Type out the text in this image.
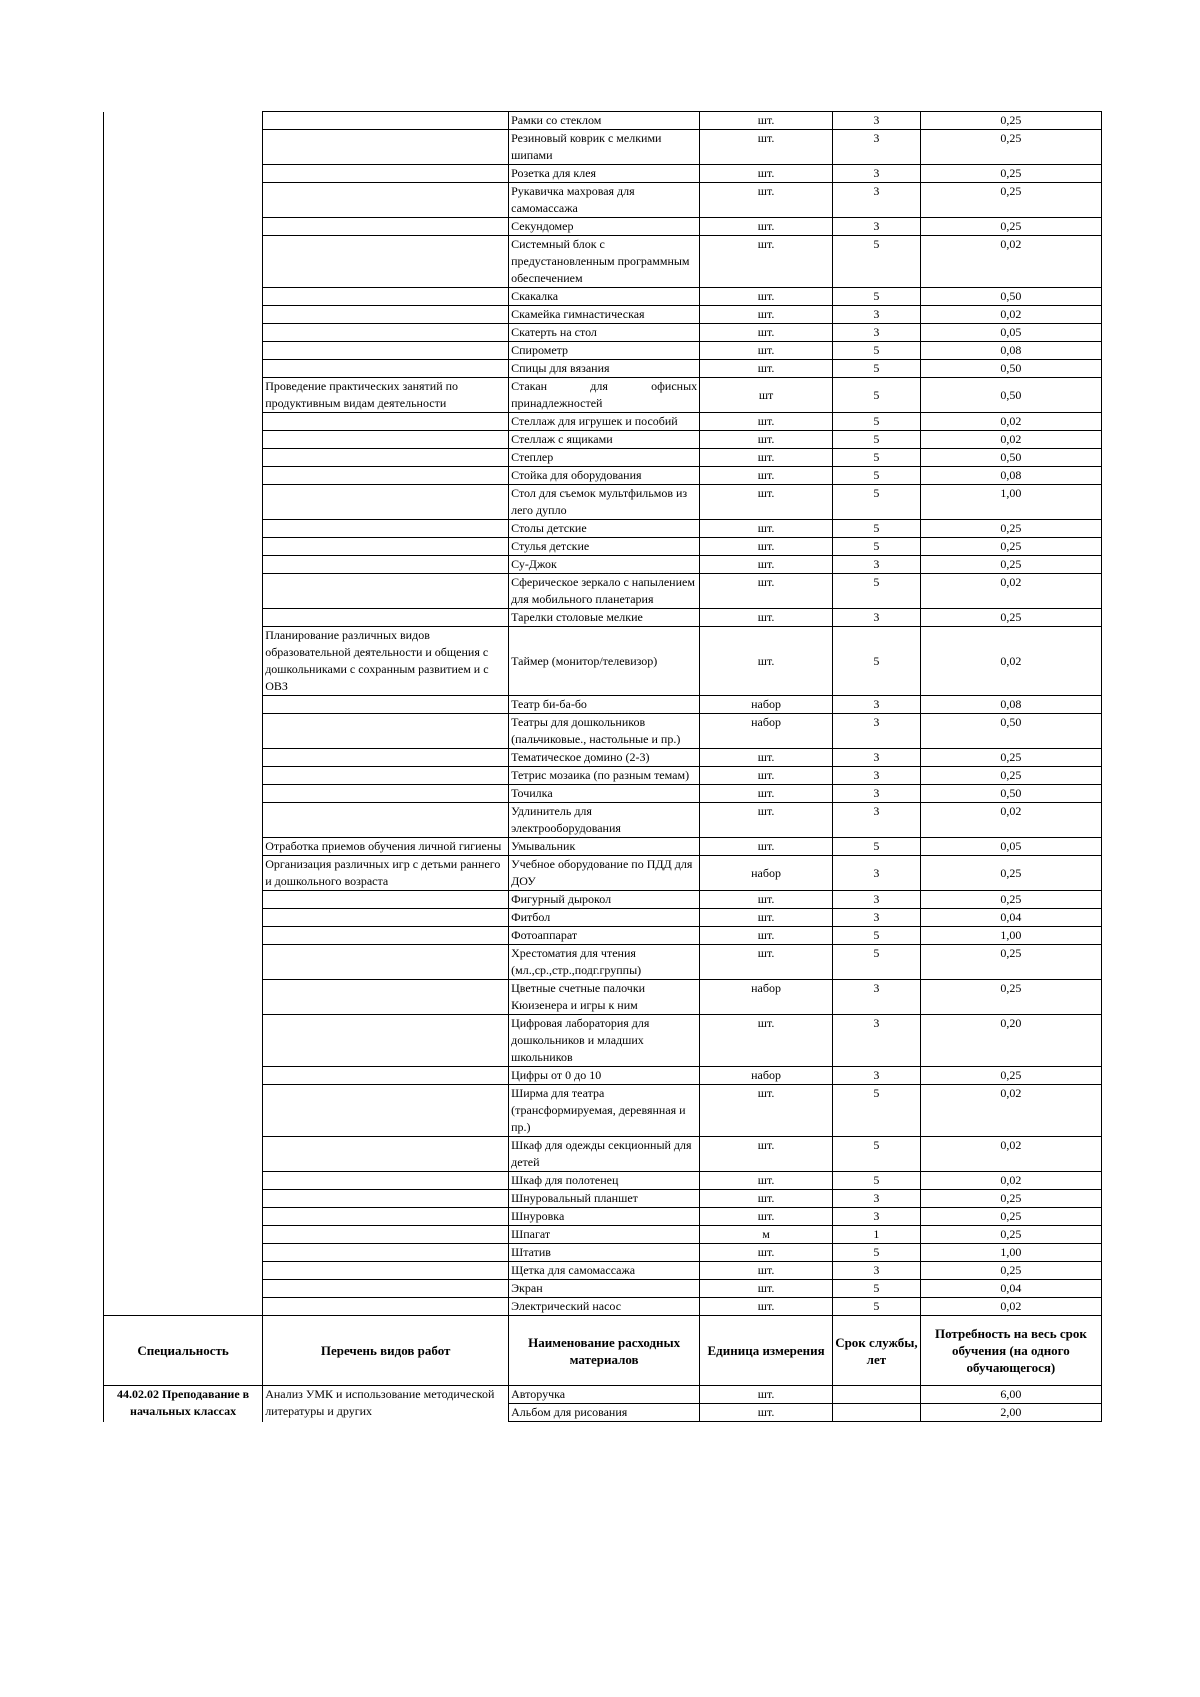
		Рамки со стеклом	шт.	3	0,25
		Резиновый коврик с мелкими шипами	шт.	3	0,25
		Розетка для клея	шт.	3	0,25
		Рукавичка махровая для самомассажа	шт.	3	0,25
		Секундомер	шт.	3	0,25
		Системный блок с предустановленным программным обеспечением	шт.	5	0,02
		Скакалка	шт.	5	0,50
		Скамейка гимнастическая	шт.	3	0,02
		Скатерть на стол	шт.	3	0,05
		Спирометр	шт.	5	0,08
		Спицы для вязания	шт.	5	0,50
	Проведение практических занятий по продуктивным видам деятельности	Стакан для офисных принадлежностей	шт	5	0,50
		Стеллаж для игрушек и пособий	шт.	5	0,02
		Стеллаж с ящиками	шт.	5	0,02
		Степлер	шт.	5	0,50
		Стойка для оборудования	шт.	5	0,08
		Стол для съемок мультфильмов из лего дупло	шт.	5	1,00
		Столы детские	шт.	5	0,25
		Стулья детские	шт.	5	0,25
		Су-Джок	шт.	3	0,25
		Сферическое зеркало с напылением для мобильного планетария	шт.	5	0,02
		Тарелки столовые мелкие	шт.	3	0,25
	Планирование различных видов образовательной деятельности и общения с дошкольниками с сохранным развитием и с ОВЗ	Таймер (монитор/телевизор)	шт.	5	0,02
		Театр би-ба-бо	набор	3	0,08
		Театры для дошкольников (пальчиковые., настольные и пр.)	набор	3	0,50
		Тематическое домино (2-3)	шт.	3	0,25
		Тетрис мозаика (по разным темам)	шт.	3	0,25
		Точилка	шт.	3	0,50
		Удлинитель для электрооборудования	шт.	3	0,02
	Отработка приемов обучения личной гигиены	Умывальник	шт.	5	0,05
	Организация различных игр с детьми раннего и дошкольного возраста	Учебное оборудование по ПДД для ДОУ	набор	3	0,25
		Фигурный дырокол	шт.	3	0,25
		Фитбол	шт.	3	0,04
		Фотоаппарат	шт.	5	1,00
		Хрестоматия для чтения (мл.,ср.,стр.,подг.группы)	шт.	5	0,25
		Цветные счетные палочки Кюизенера и игры к ним	набор	3	0,25
		Цифровая лаборатория для дошкольников и младших школьников	шт.	3	0,20
		Цифры от 0 до 10	набор	3	0,25
		Ширма для театра (трансформируемая, деревянная и пр.)	шт.	5	0,02
		Шкаф для одежды секционный для детей	шт.	5	0,02
		Шкаф для полотенец	шт.	5	0,02
		Шнуровальный планшет	шт.	3	0,25
		Шнуровка	шт.	3	0,25
		Шпагат	м	1	0,25
		Штатив	шт.	5	1,00
		Щетка для самомассажа	шт.	3	0,25
		Экран	шт.	5	0,04
		Электрический насос	шт.	5	0,02
Специальность	Перечень видов работ	Наименование расходных материалов	Единица измерения	Срок службы, лет	Потребность на весь срок обучения (на одного обучающегося)
44.02.02 Преподавание в начальных классах	Анализ УМК и использование методической литературы и других	Авторучка	шт.		6,00
		Альбом для рисования	шт.		2,00
